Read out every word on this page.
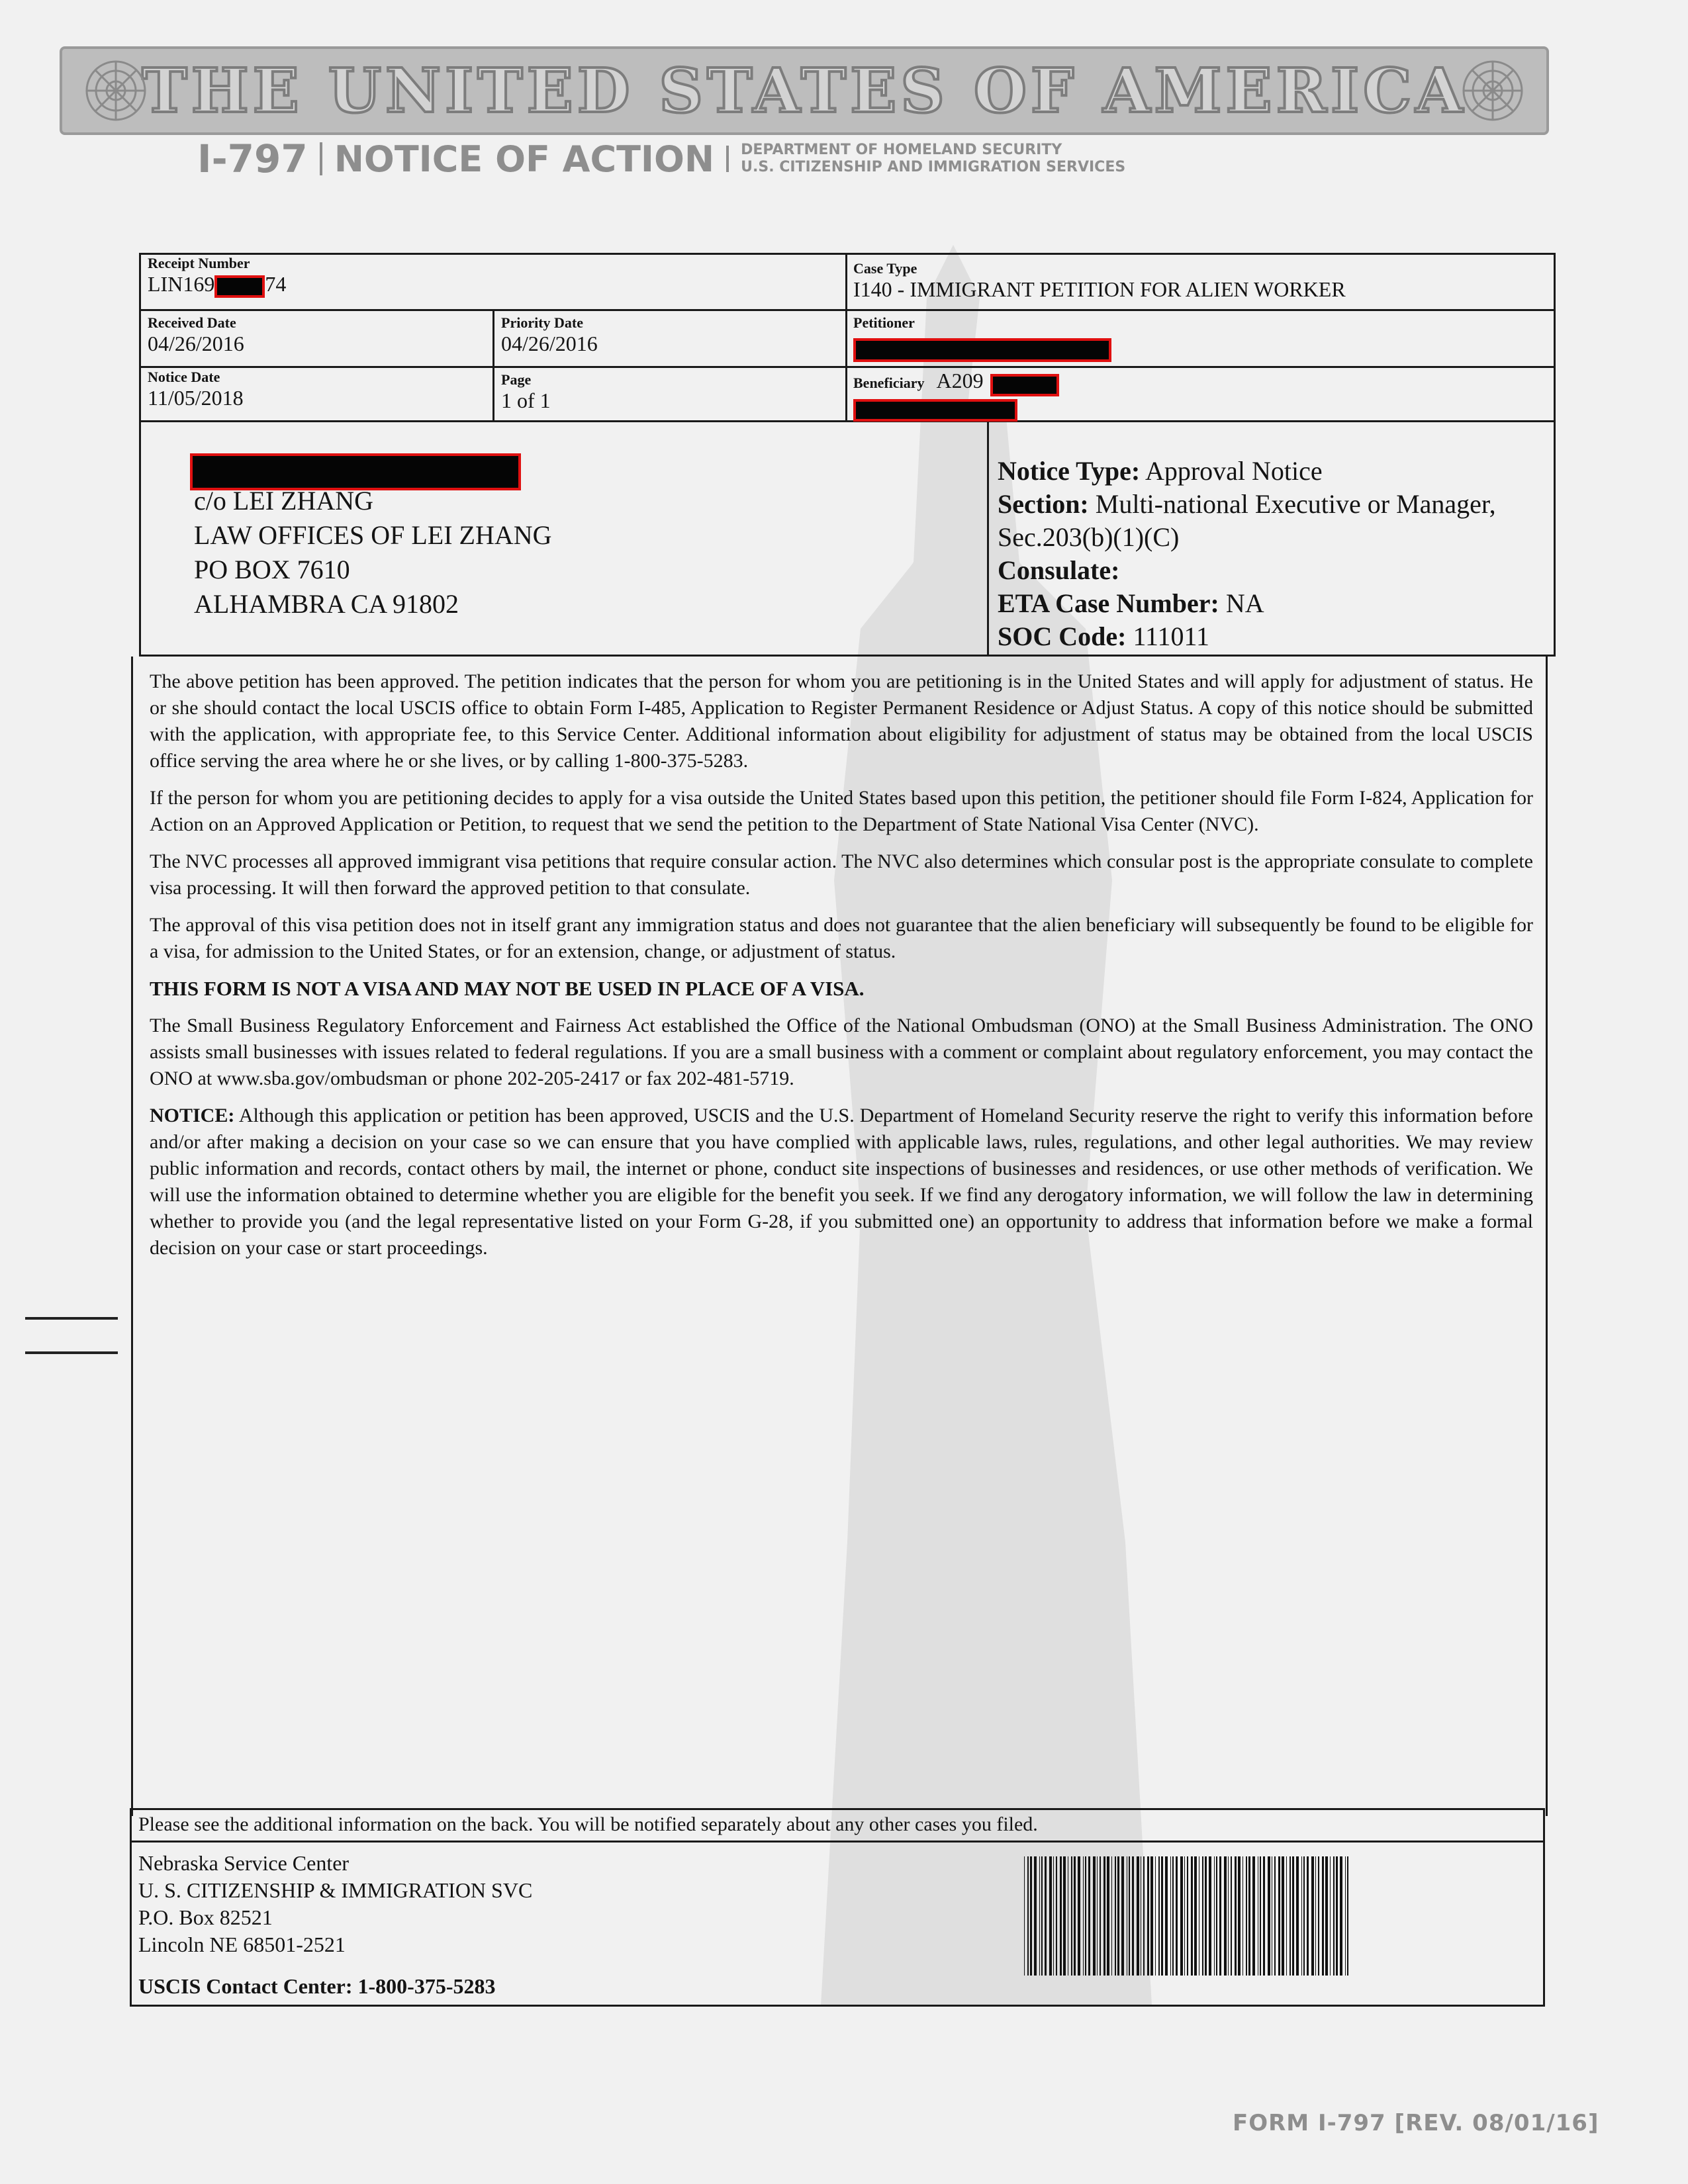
THE UNITED STATES OF AMERICA
I-797 NOTICE OF ACTION DEPARTMENT OF HOMELAND SECURITY
U.S. CITIZENSHIP AND IMMIGRATION SERVICES
Receipt Number
LIN169 74
Case Type
I140 - IMMIGRANT PETITION FOR ALIEN WORKER
Received Date
04/26/2016
Priority Date
04/26/2016
Petitioner
Notice Date
11/05/2018
Page
1 of 1
Beneficiary A209
c/o LEI ZHANG
LAW OFFICES OF LEI ZHANG
PO BOX 7610
ALHAMBRA CA 91802
Notice Type: Approval Notice
Section: Multi-national Executive or Manager, Sec.203(b)(1)(C)
Consulate:
ETA Case Number: NA
SOC Code: 111011

The above petition has been approved. The petition indicates that the person for whom you are petitioning is in the United States and will apply for adjustment of status. He or she should contact the local USCIS office to obtain Form I-485, Application to Register Permanent Residence or Adjust Status. A copy of this notice should be submitted with the application, with appropriate fee, to this Service Center. Additional information about eligibility for adjustment of status may be obtained from the local USCIS office serving the area where he or she lives, or by calling 1-800-375-5283.

If the person for whom you are petitioning decides to apply for a visa outside the United States based upon this petition, the petitioner should file Form I-824, Application for Action on an Approved Application or Petition, to request that we send the petition to the Department of State National Visa Center (NVC).

The NVC processes all approved immigrant visa petitions that require consular action. The NVC also determines which consular post is the appropriate consulate to complete visa processing. It will then forward the approved petition to that consulate.

The approval of this visa petition does not in itself grant any immigration status and does not guarantee that the alien beneficiary will subsequently be found to be eligible for a visa, for admission to the United States, or for an extension, change, or adjustment of status.

THIS FORM IS NOT A VISA AND MAY NOT BE USED IN PLACE OF A VISA.

The Small Business Regulatory Enforcement and Fairness Act established the Office of the National Ombudsman (ONO) at the Small Business Administration. The ONO assists small businesses with issues related to federal regulations. If you are a small business with a comment or complaint about regulatory enforcement, you may contact the ONO at www.sba.gov/ombudsman or phone 202-205-2417 or fax 202-481-5719.

NOTICE: Although this application or petition has been approved, USCIS and the U.S. Department of Homeland Security reserve the right to verify this information before and/or after making a decision on your case so we can ensure that you have complied with applicable laws, rules, regulations, and other legal authorities. We may review public information and records, contact others by mail, the internet or phone, conduct site inspections of businesses and residences, or use other methods of verification. We will use the information obtained to determine whether you are eligible for the benefit you seek. If we find any derogatory information, we will follow the law in determining whether to provide you (and the legal representative listed on your Form G-28, if you submitted one) an opportunity to address that information before we make a formal decision on your case or start proceedings.

Please see the additional information on the back. You will be notified separately about any other cases you filed.
Nebraska Service Center
U. S. CITIZENSHIP & IMMIGRATION SVC
P.O. Box 82521
Lincoln NE 68501-2521
USCIS Contact Center: 1-800-375-5283
FORM I-797 [REV. 08/01/16]
